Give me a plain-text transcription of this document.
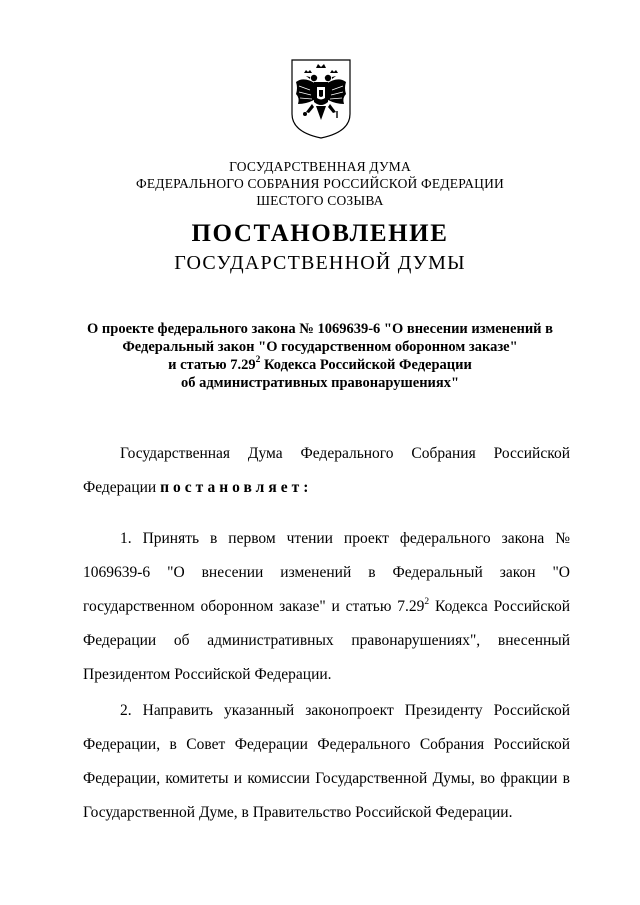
ГОСУДАРСТВЕННАЯ ДУМА
ФЕДЕРАЛЬНОГО СОБРАНИЯ РОССИЙСКОЙ ФЕДЕРАЦИИ
ШЕСТОГО СОЗЫВА
ПОСТАНОВЛЕНИЕ
ГОСУДАРСТВЕННОЙ ДУМЫ
О проекте федерального закона № 1069639-6 "О внесении изменений в
Федеральный закон "О государственном оборонном заказе"
и статью 7.29$^2$ Кодекса Российской Федерации
об административных правонарушениях"

Государственная Дума Федерального Собрания Российской Федерации постановляет:

1. Принять в первом чтении проект федерального закона № 1069639-6 "О внесении изменений в Федеральный закон "О государственном оборонном заказе" и статью 7.29$^2$ Кодекса Российской Федерации об административных правонарушениях", внесенный Президентом Российской Федерации.

2. Направить указанный законопроект Президенту Российской Федерации, в Совет Федерации Федерального Собрания Российской Федерации, комитеты и комиссии Государственной Думы, во фракции в Государственной Думе, в Правительство Российской Федерации.
